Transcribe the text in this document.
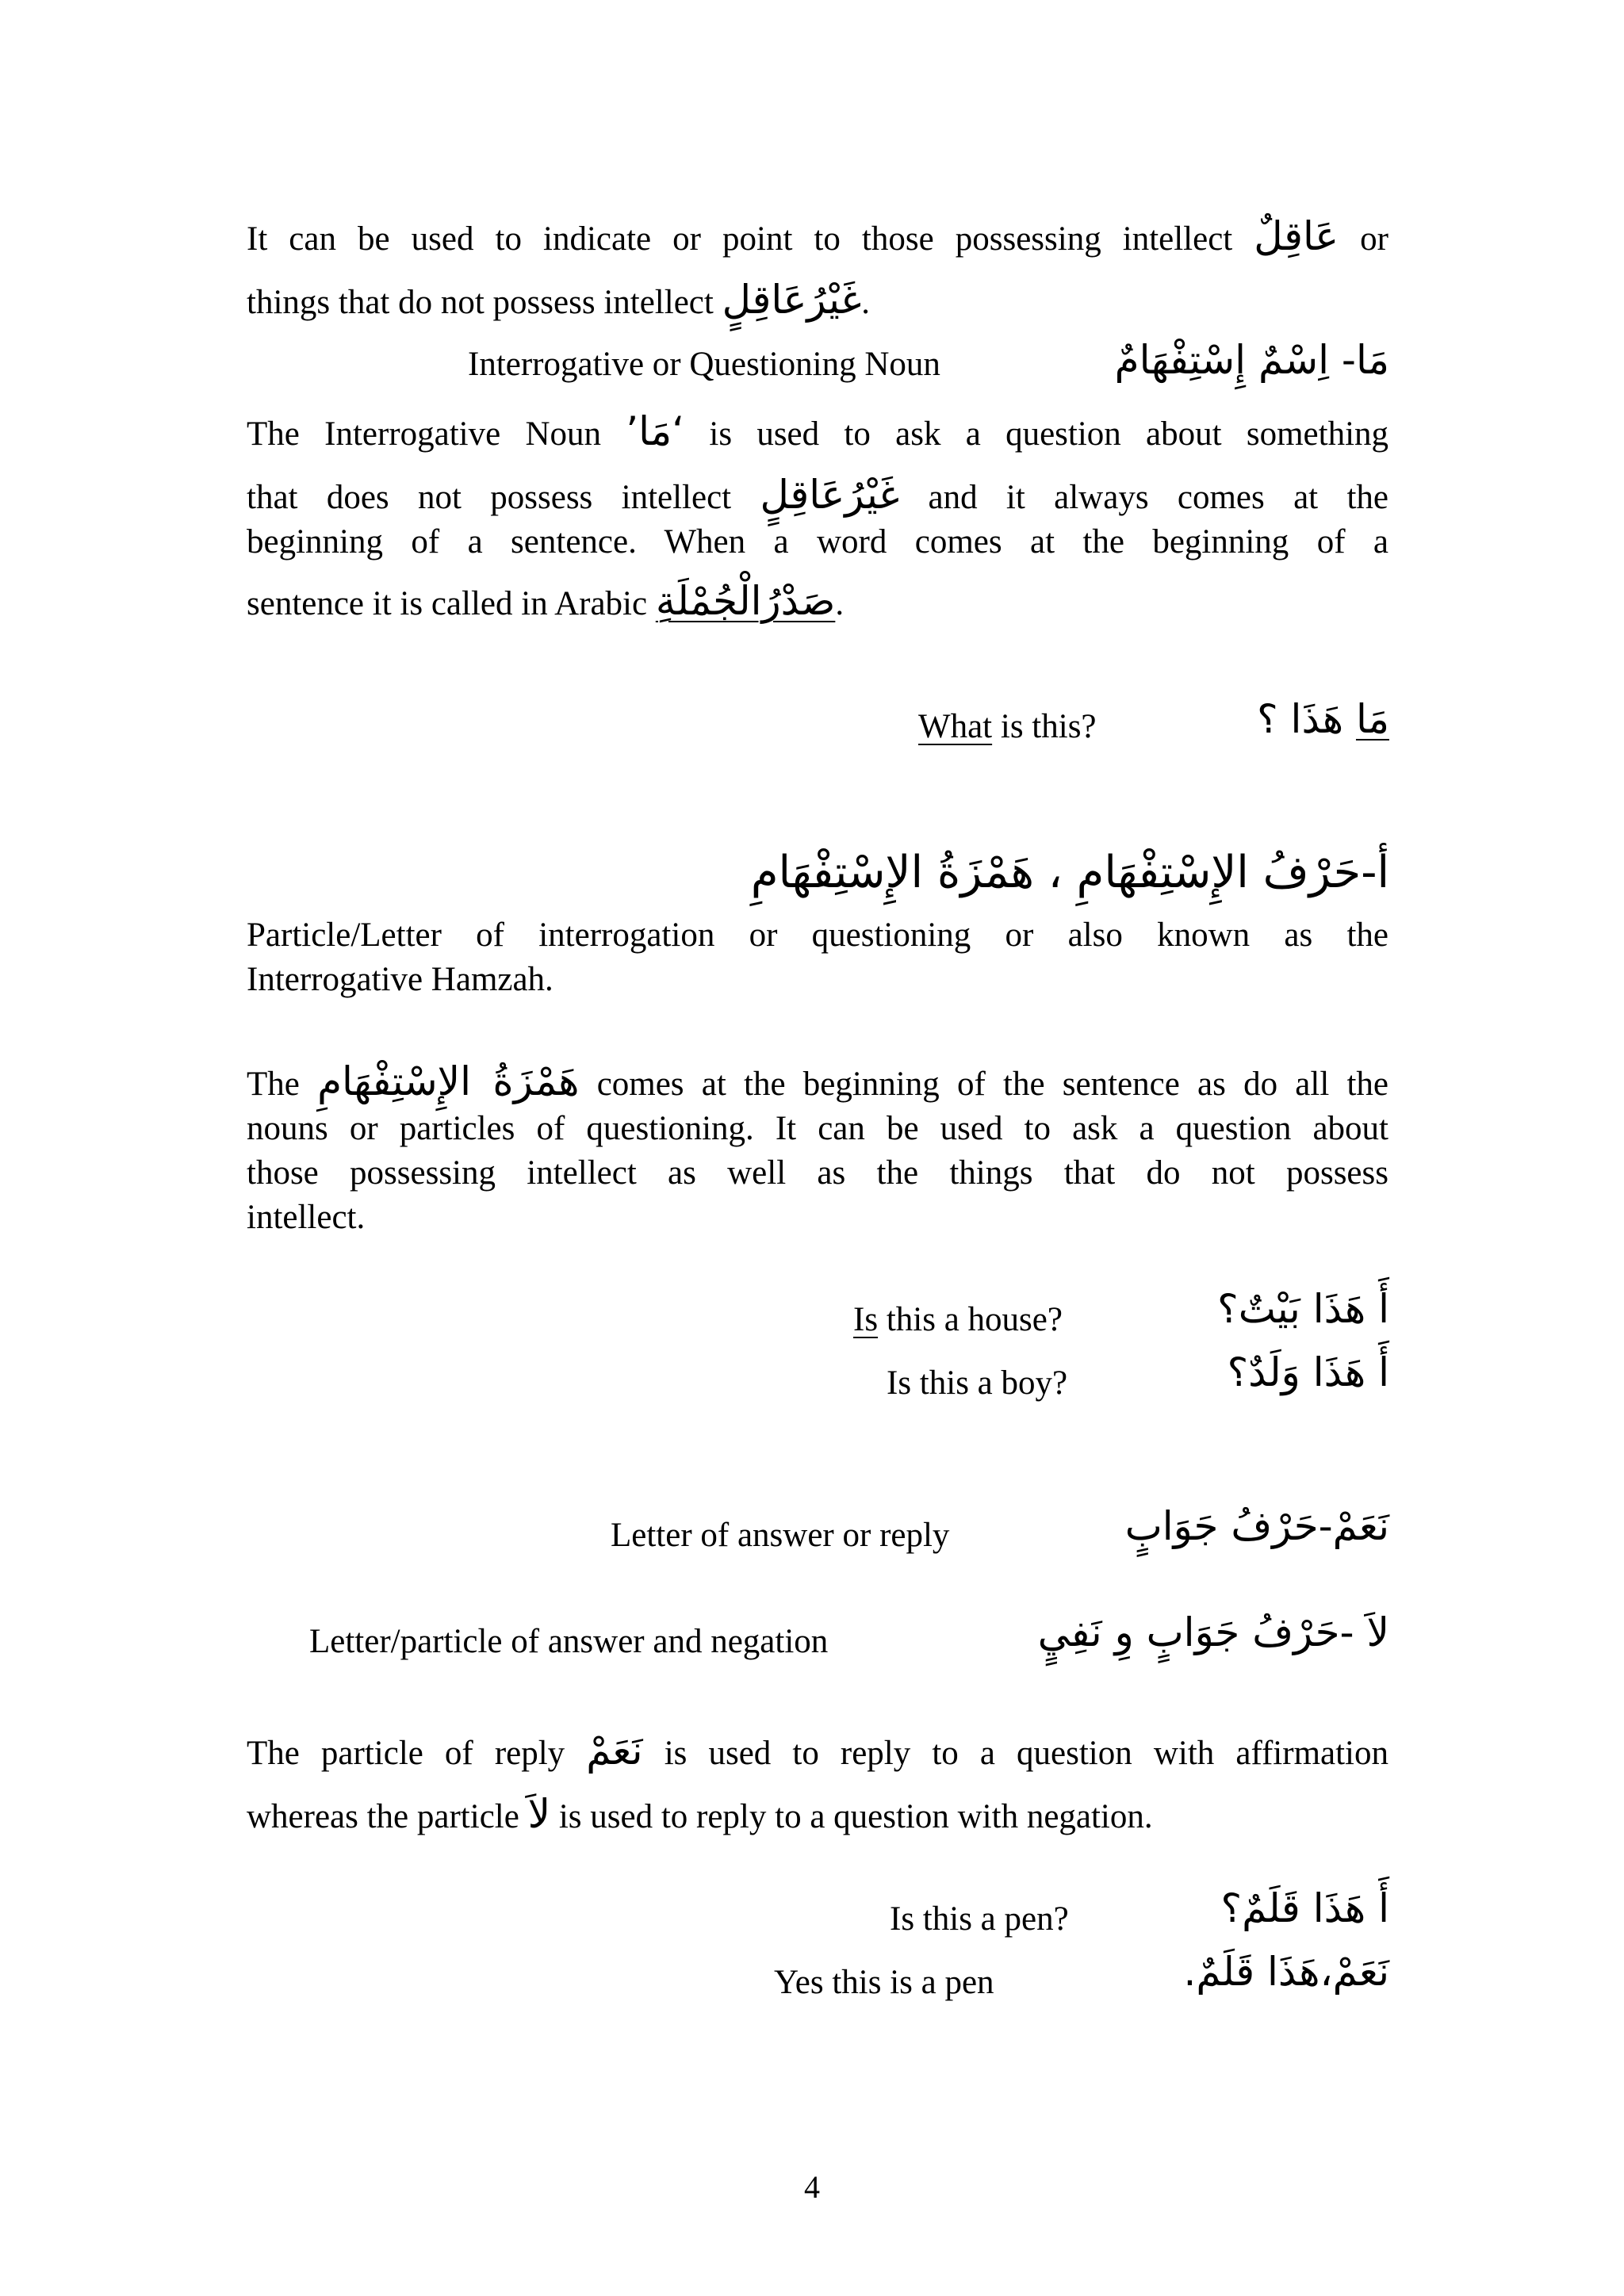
It can be used to indicate or point to those possessing intellect عَاقِلٌ or
things that do not possess intellect غَيْرُعَاقِلٍ.
Interrogative or Questioning Noun	مَا- اِسْمٌ إِسْتِفْهَامٌ
The Interrogative Noun ‘مَا’ is used to ask a question about something
that does not possess intellect غَيْرُعَاقِلٍ and it always comes at the
beginning of a sentence. When a word comes at the beginning of a
sentence it is called in Arabic صَدْرُالْجُمْلَةِ.
What is this?	مَا هَذَا ؟
أ-حَرْفُ الإِسْتِفْهَامِ ، هَمْزَةُ الإِسْتِفْهَامِ
Particle/Letter of interrogation or questioning or also known as the
Interrogative Hamzah.
The هَمْزَةُ الإِسْتِفْهَامِ comes at the beginning of the sentence as do all the
nouns or particles of questioning. It can be used to ask a question about
those possessing intellect as well as the things that do not possess
intellect.
Is this a house?	أَ هَذَا بَيْتٌ؟
Is this a boy?	أَ هَذَا وَلَدٌ؟
Letter of answer or reply	نَعَمْ-حَرْفُ جَوَابٍ
Letter/particle of answer and negation	لاَ -حَرْفُ جَوَابٍ وِ نَفِيٍ
The particle of reply نَعَمْ is used to reply to a question with affirmation
whereas the particle لاَ is used to reply to a question with negation.
Is this a pen?	أَ هَذَا قَلَمٌ؟
Yes this is a pen	نَعَمْ،هَذَا قَلَمٌ.
4
